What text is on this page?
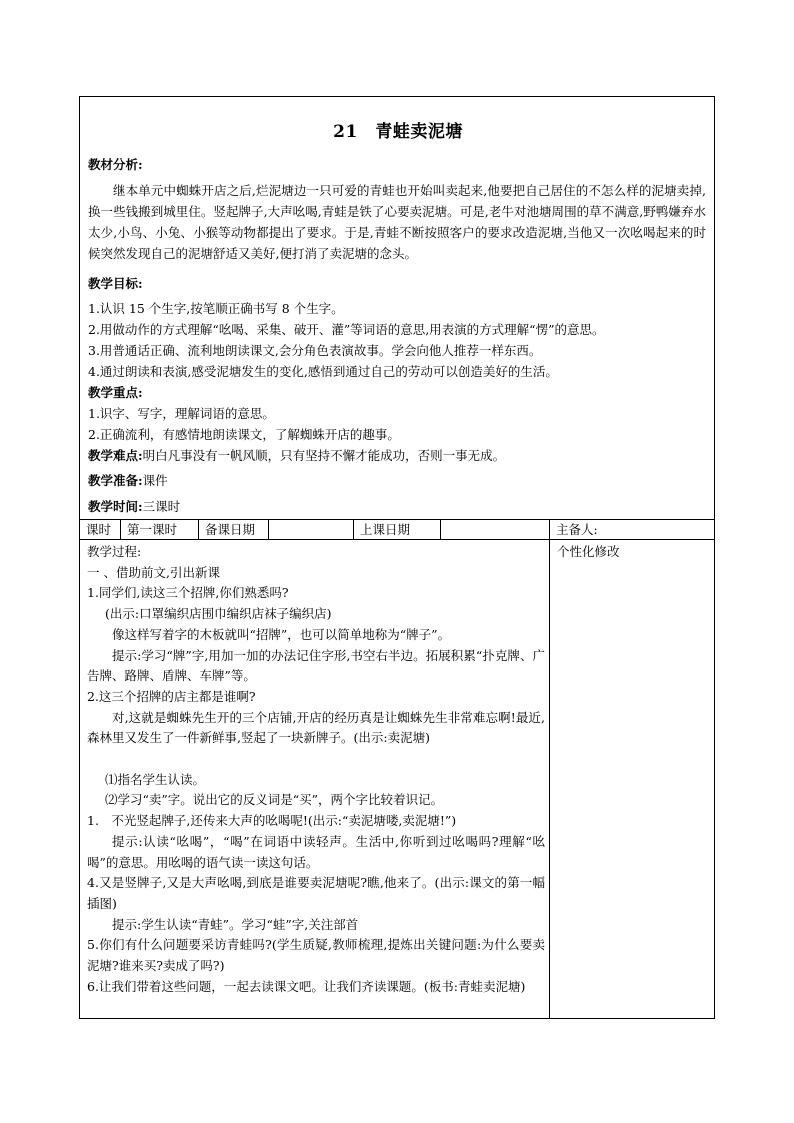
21　青蛙卖泥塘
教材分析:
继本单元中蜘蛛开店之后,烂泥塘边一只可爱的青蛙也开始叫卖起来,他要把自己居住的不怎么样的泥塘卖掉,换一些钱搬到城里住。竖起牌子,大声吆喝,青蛙是铁了心要卖泥塘。可是,老牛对池塘周围的草不满意,野鸭嫌弃水太少,小鸟、小兔、小猴等动物都提出了要求。于是,青蛙不断按照客户的要求改造泥塘,当他又一次吆喝起来的时候突然发现自己的泥塘舒适又美好,便打消了卖泥塘的念头。
教学目标:
1.认识 15 个生字,按笔顺正确书写 8 个生字。
2.用做动作的方式理解“吆喝、采集、破开、灌”等词语的意思,用表演的方式理解“愣”的意思。
3.用普通话正确、流利地朗读课文,会分角色表演故事。学会向他人推荐一样东西。
4.通过朗读和表演,感受泥塘发生的变化,感悟到通过自己的劳动可以创造美好的生活。
教学重点:
1.识字、写字，理解词语的意思。
2.正确流利，有感情地朗读课文，了解蜘蛛开店的趣事。
教学难点:明白凡事没有一帆风顺，只有坚持不懈才能成功，否则一事无成。
教学准备:课件
教学时间:三课时
课时	第一课时	备课日期	上课日期	主备人:
教学过程:
一 、借助前文,引出新课
1.同学们,读这三个招牌,你们熟悉吗?
(出示:口罩编织店围巾编织店袜子编织店)
像这样写着字的木板就叫“招牌”，也可以简单地称为“牌子”。
提示:学习“牌”字,用加一加的办法记住字形,书空右半边。拓展积累“扑克牌、广告牌、路牌、盾牌、车牌”等。
2.这三个招牌的店主都是谁啊?
对,这就是蜘蛛先生开的三个店铺,开店的经历真是让蜘蛛先生非常难忘啊!最近,森林里又发生了一件新鲜事,竖起了一块新牌子。(出示:卖泥塘)
⑴指名学生认读。
⑵学习“卖”字。说出它的反义词是“买”，两个字比较着识记。
1.　不光竖起牌子,还传来大声的吆喝呢!(出示:“卖泥塘喽,卖泥塘!”)
提示:认读“吆喝”，“喝”在词语中读轻声。生活中,你听到过吆喝吗?理解“吆喝”的意思。用吆喝的语气读一读这句话。
4.又是竖牌子,又是大声吆喝,到底是谁要卖泥塘呢?瞧,他来了。(出示:课文的第一幅插图)
提示:学生认读“青蛙”。学习“蛙”字,关注部首
5.你们有什么问题要采访青蛙吗?(学生质疑,教师梳理,提炼出关键问题:为什么要卖泥塘?谁来买?卖成了吗?)
6.让我们带着这些问题，一起去读课文吧。让我们齐读课题。(板书:青蛙卖泥塘)
个性化修改
